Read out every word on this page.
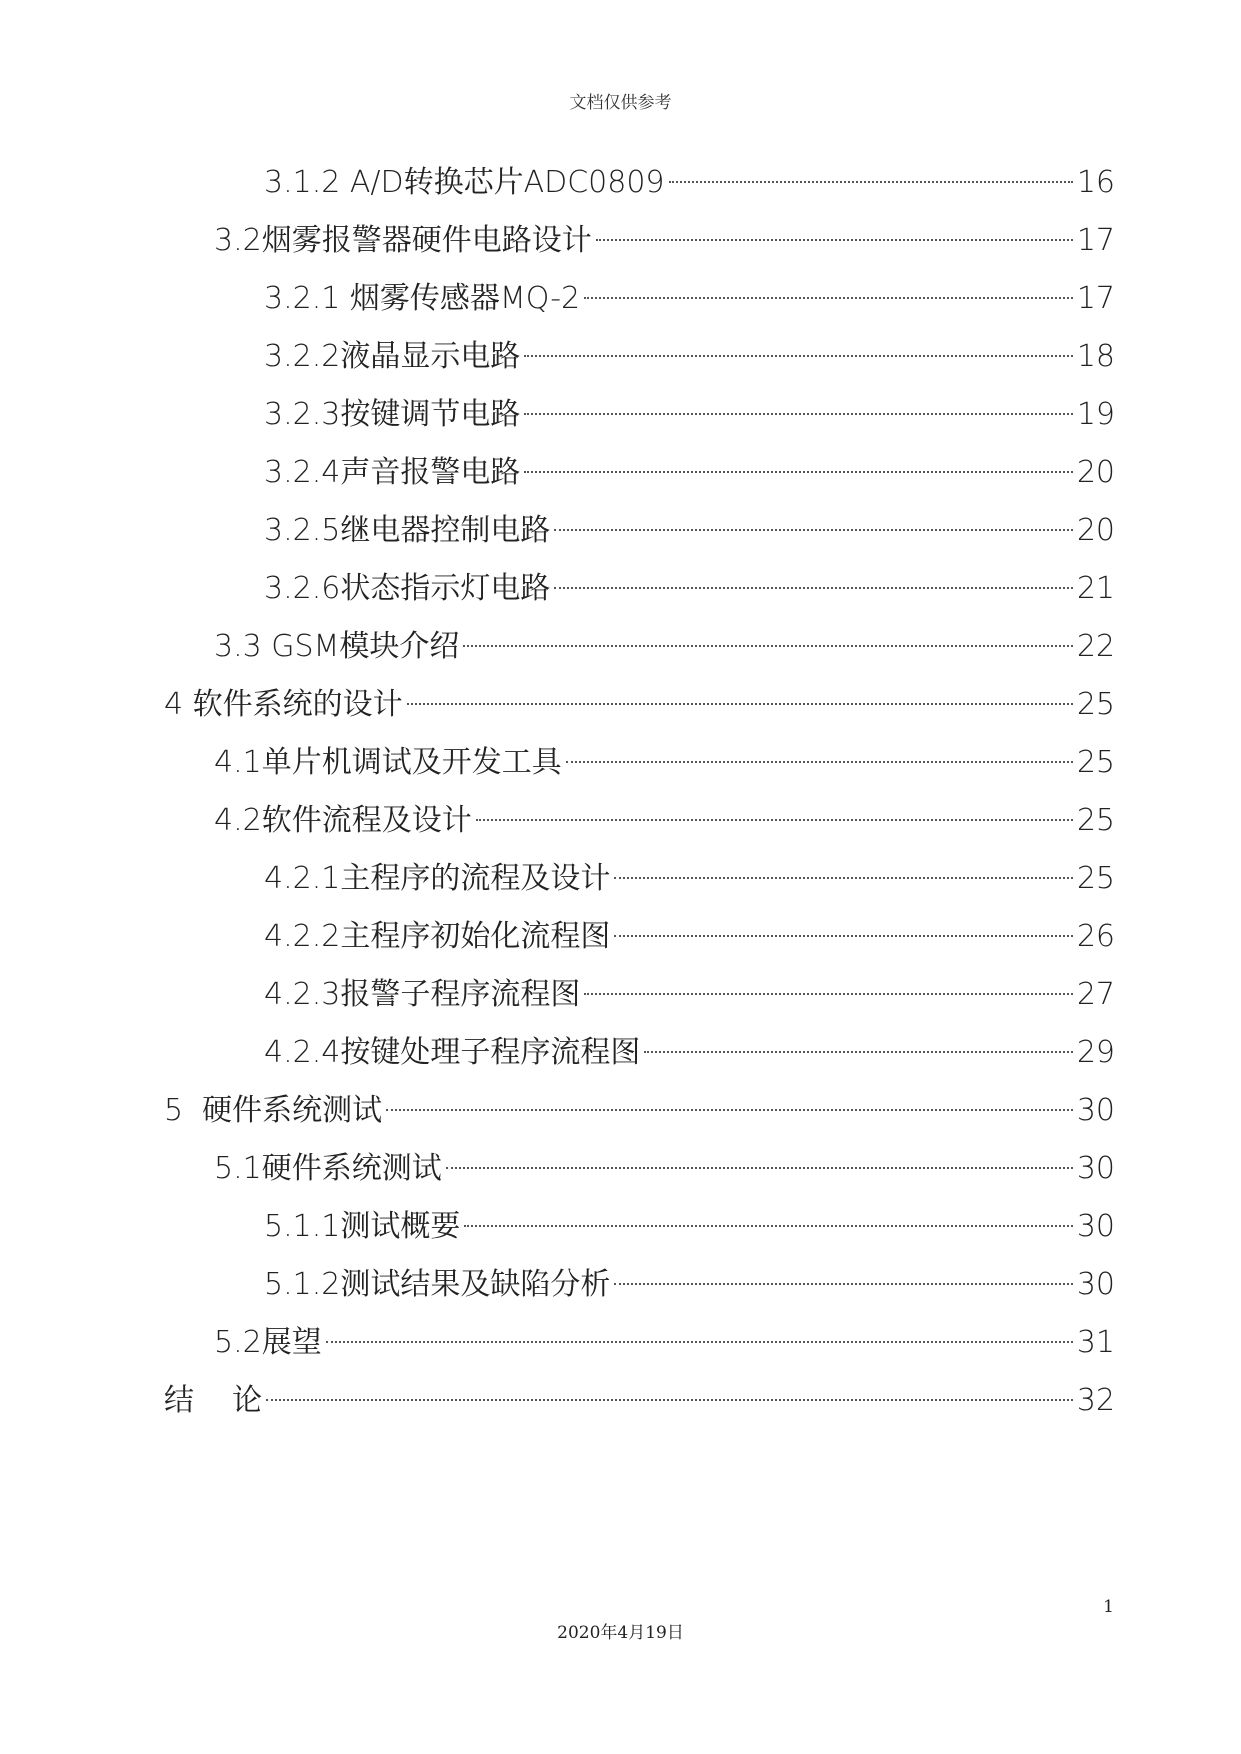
文档仅供参考
3.1.2 A/D转换芯片ADC0809	16
3.2烟雾报警器硬件电路设计	17
3.2.1 烟雾传感器MQ-2	17
3.2.2液晶显示电路	18
3.2.3按键调节电路	19
3.2.4声音报警电路	20
3.2.5继电器控制电路	20
3.2.6状态指示灯电路	21
3.3 GSM模块介绍	22
4 软件系统的设计	25
4.1单片机调试及开发工具	25
4.2软件流程及设计	25
4.2.1主程序的流程及设计	25
4.2.2主程序初始化流程图	26
4.2.3报警子程序流程图	27
4.2.4按键处理子程序流程图	29
5  硬件系统测试	30
5.1硬件系统测试	30
5.1.1测试概要	30
5.1.2测试结果及缺陷分析	30
5.2展望	31
结    论	32
1
2020年4月19日
